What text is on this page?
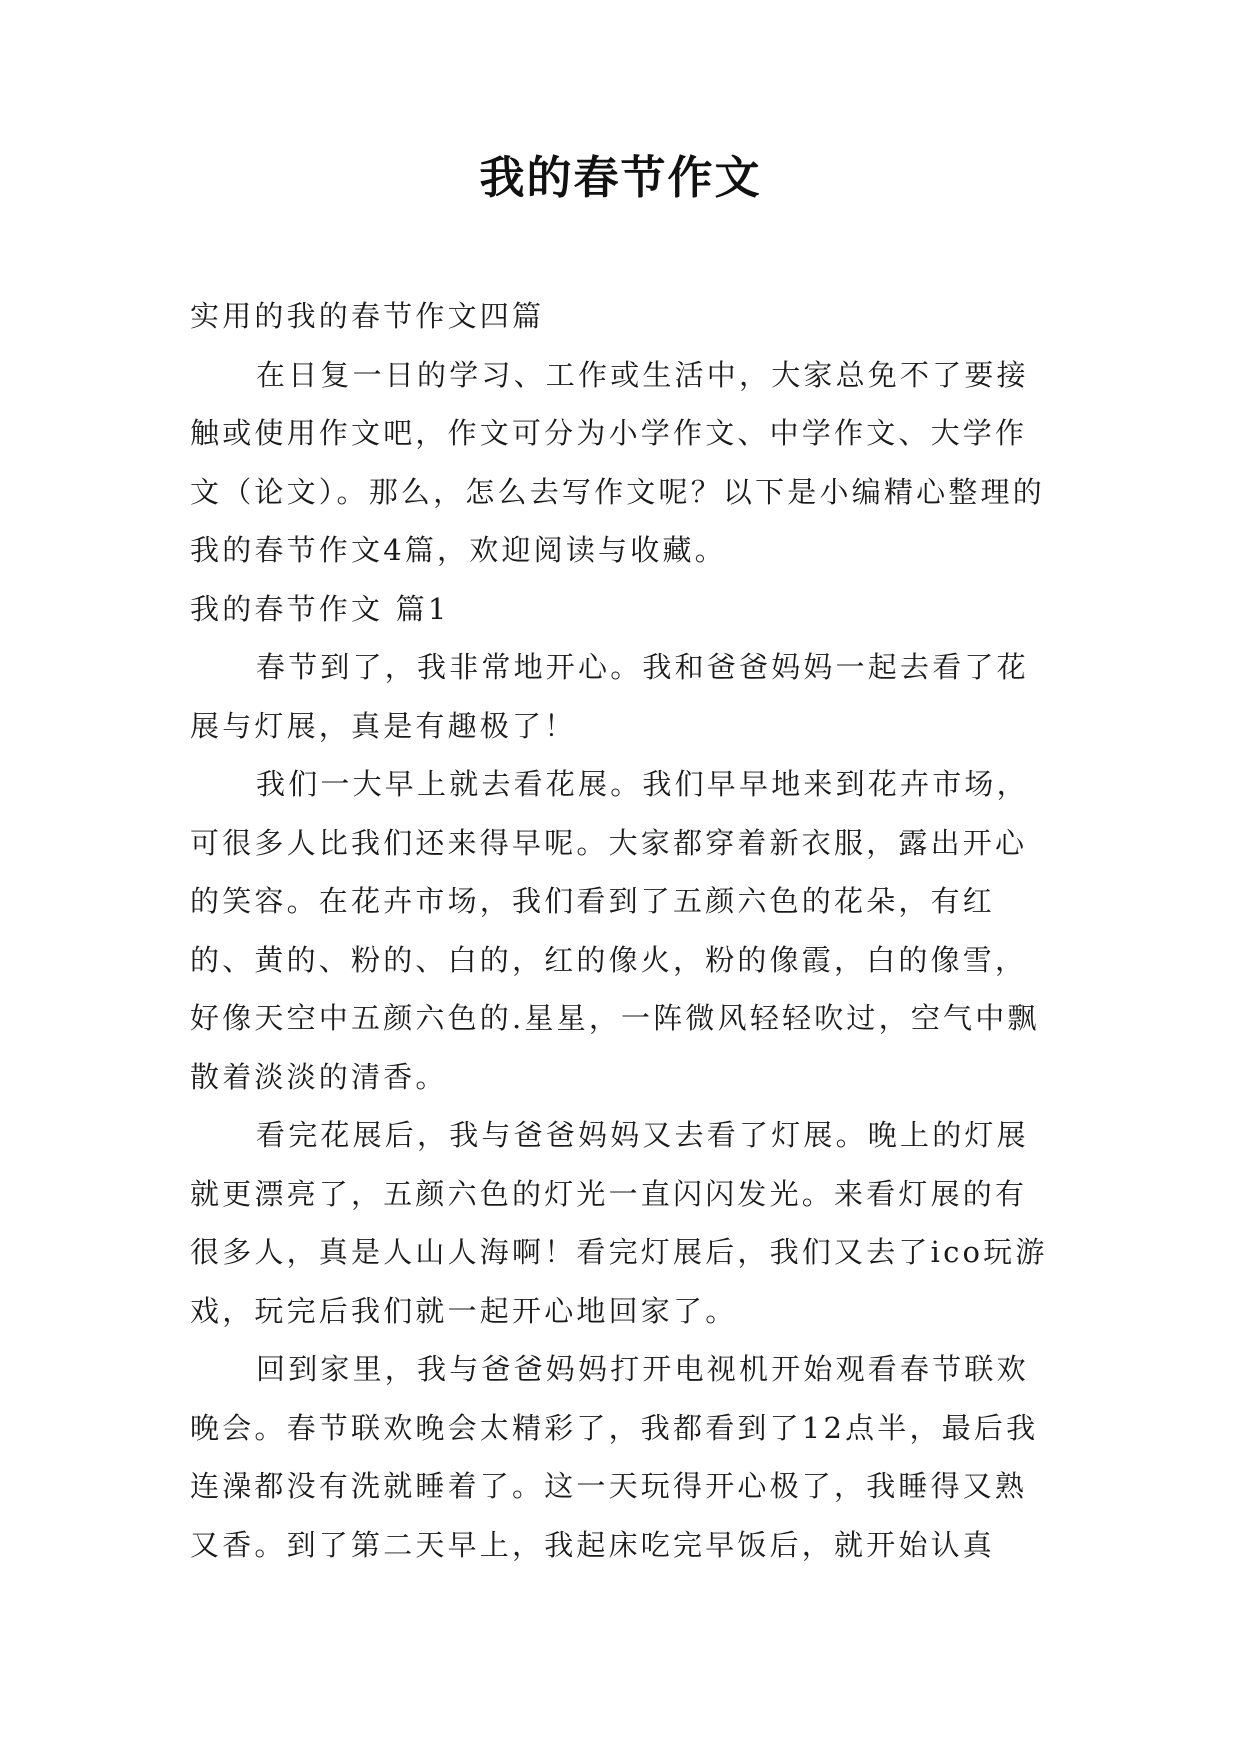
我的春节作文

实用的我的春节作文四篇

在日复一日的学习、工作或生活中，大家总免不了要接触或使用作文吧，作文可分为小学作文、中学作文、大学作文（论文）。那么，怎么去写作文呢？以下是小编精心整理的我的春节作文4篇，欢迎阅读与收藏。

我的春节作文 篇1

春节到了，我非常地开心。我和爸爸妈妈一起去看了花展与灯展，真是有趣极了！

我们一大早上就去看花展。我们早早地来到花卉市场，可很多人比我们还来得早呢。大家都穿着新衣服，露出开心的笑容。在花卉市场，我们看到了五颜六色的花朵，有红的、黄的、粉的、白的，红的像火，粉的像霞，白的像雪，好像天空中五颜六色的.星星，一阵微风轻轻吹过，空气中飘散着淡淡的清香。

看完花展后，我与爸爸妈妈又去看了灯展。晚上的灯展就更漂亮了，五颜六色的灯光一直闪闪发光。来看灯展的有很多人，真是人山人海啊！看完灯展后，我们又去了ico玩游戏，玩完后我们就一起开心地回家了。

回到家里，我与爸爸妈妈打开电视机开始观看春节联欢晚会。春节联欢晚会太精彩了，我都看到了12点半，最后我连澡都没有洗就睡着了。这一天玩得开心极了，我睡得又熟又香。到了第二天早上，我起床吃完早饭后，就开始认真
